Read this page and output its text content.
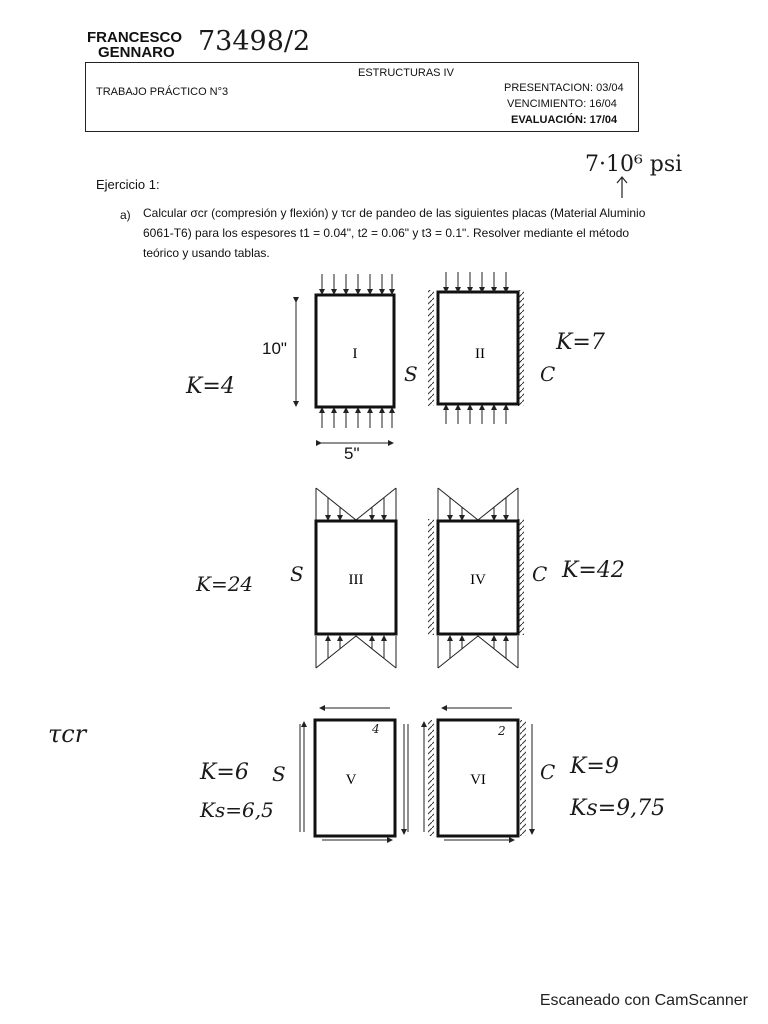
FRANCESCO
GENNARO 73498/2
ESTRUCTURAS IV
TRABAJO PRÁCTICO N°3	PRESENTACION: 03/04
VENCIMIENTO: 16/04
EVALUACIÓN: 17/04
Ejercicio 1:
7·10⁶ psi
a) Calcular σcr (compresión y flexión) y τcr de pandeo de las siguientes placas (Material Aluminio
6061-T6) para los espesores t1 = 0.04", t2 = 0.06" y t3 = 0.1". Resolver mediante el método
teórico y usando tablas.
I	II
III	IV
V	VI
10"
5"
K=4	S	C
K=7
K=24 S	C K=42
τcr
K=6
Ks=6,5
S
4	2
C K=9
Ks=9,75
Escaneado con CamScanner
